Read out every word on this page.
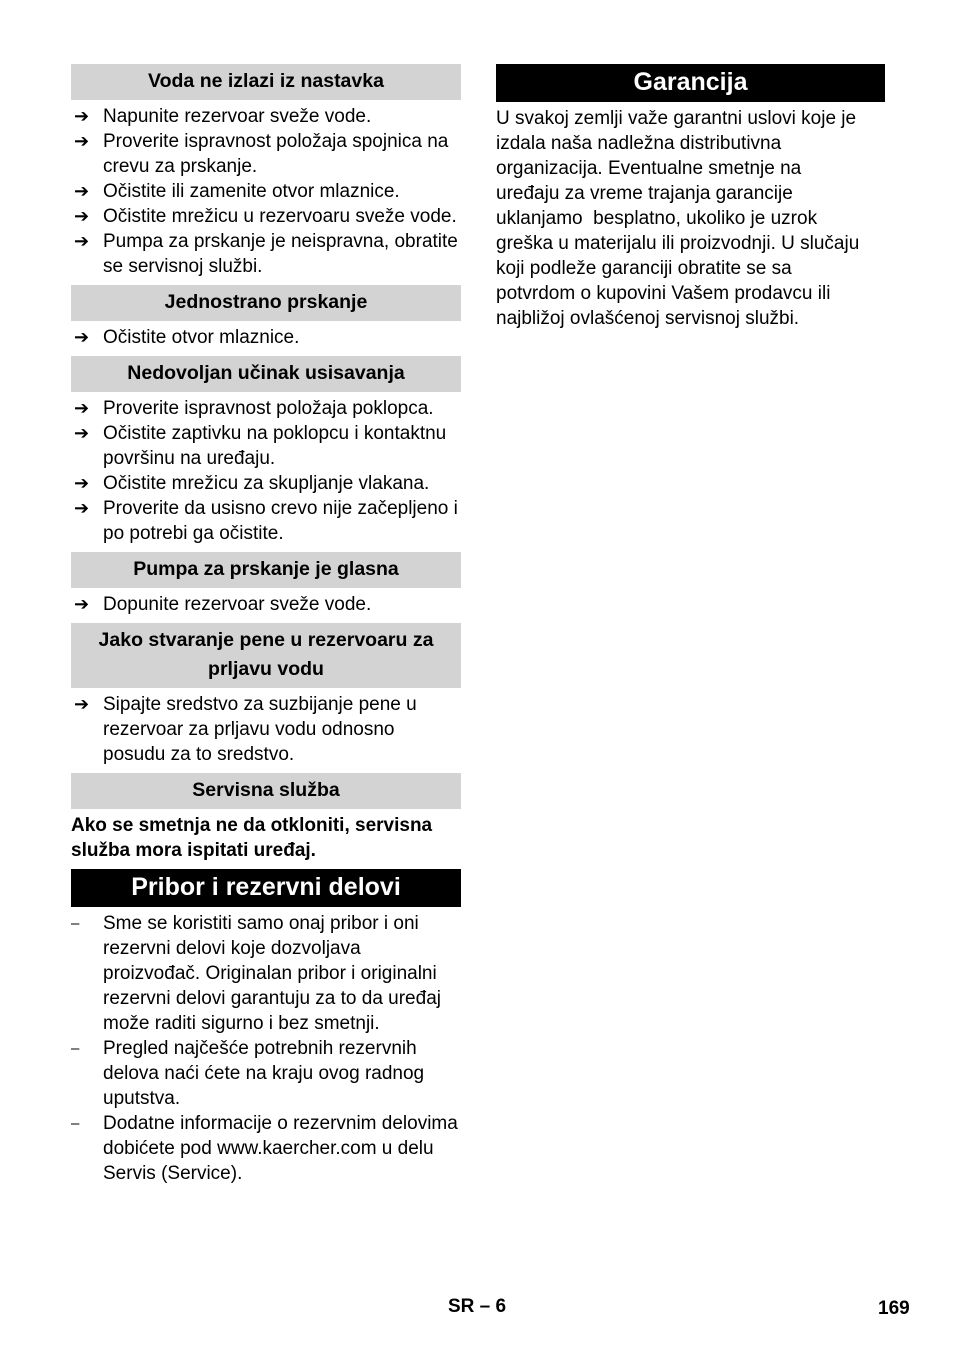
Voda ne izlazi iz nastavka
➔ Napunite rezervoar sveže vode.
➔ Proverite ispravnost položaja spojnica na crevu za prskanje.
➔ Očistite ili zamenite otvor mlaznice.
➔ Očistite mrežicu u rezervoaru sveže vode.
➔ Pumpa za prskanje je neispravna, obratite se servisnoj službi.
Jednostrano prskanje
➔ Očistite otvor mlaznice.
Nedovoljan učinak usisavanja
➔ Proverite ispravnost položaja poklopca.
➔ Očistite zaptivku na poklopcu i kontaktnu površinu na uređaju.
➔ Očistite mrežicu za skupljanje vlakana.
➔ Proverite da usisno crevo nije začepljeno i po potrebi ga očistite.
Pumpa za prskanje je glasna
➔ Dopunite rezervoar sveže vode.
Jako stvaranje pene u rezervoaru za
prljavu vodu
➔ Sipajte sredstvo za suzbijanje pene u rezervoar za prljavu vodu odnosno posudu za to sredstvo.
Servisna služba

Ako se smetnja ne da otkloniti, servisna
služba mora ispitati uređaj.

Pribor i rezervni delovi
– Sme se koristiti samo onaj pribor i oni rezervni delovi koje dozvoljava proizvođač. Originalan pribor i originalni rezervni delovi garantuju za to da uređaj može raditi sigurno i bez smetnji.
– Pregled najčešće potrebnih rezervnih delova naći ćete na kraju ovog radnog uputstva.
– Dodatne informacije o rezervnim delovima dobićete pod www.kaercher.com u delu Servis (Service).
Garancija

U svakoj zemlji važe garantni uslovi koje je
izdala naša nadležna distributivna
organizacija. Eventualne smetnje na
uređaju za vreme trajanja garancije
uklanjamo  besplatno, ukoliko je uzrok
greška u materijalu ili proizvodnji. U slučaju
koji podleže garanciji obratite se sa
potvrdom o kupovini Vašem prodavcu ili
najbližoj ovlašćenoj servisnoj službi.

SR – 6	169
